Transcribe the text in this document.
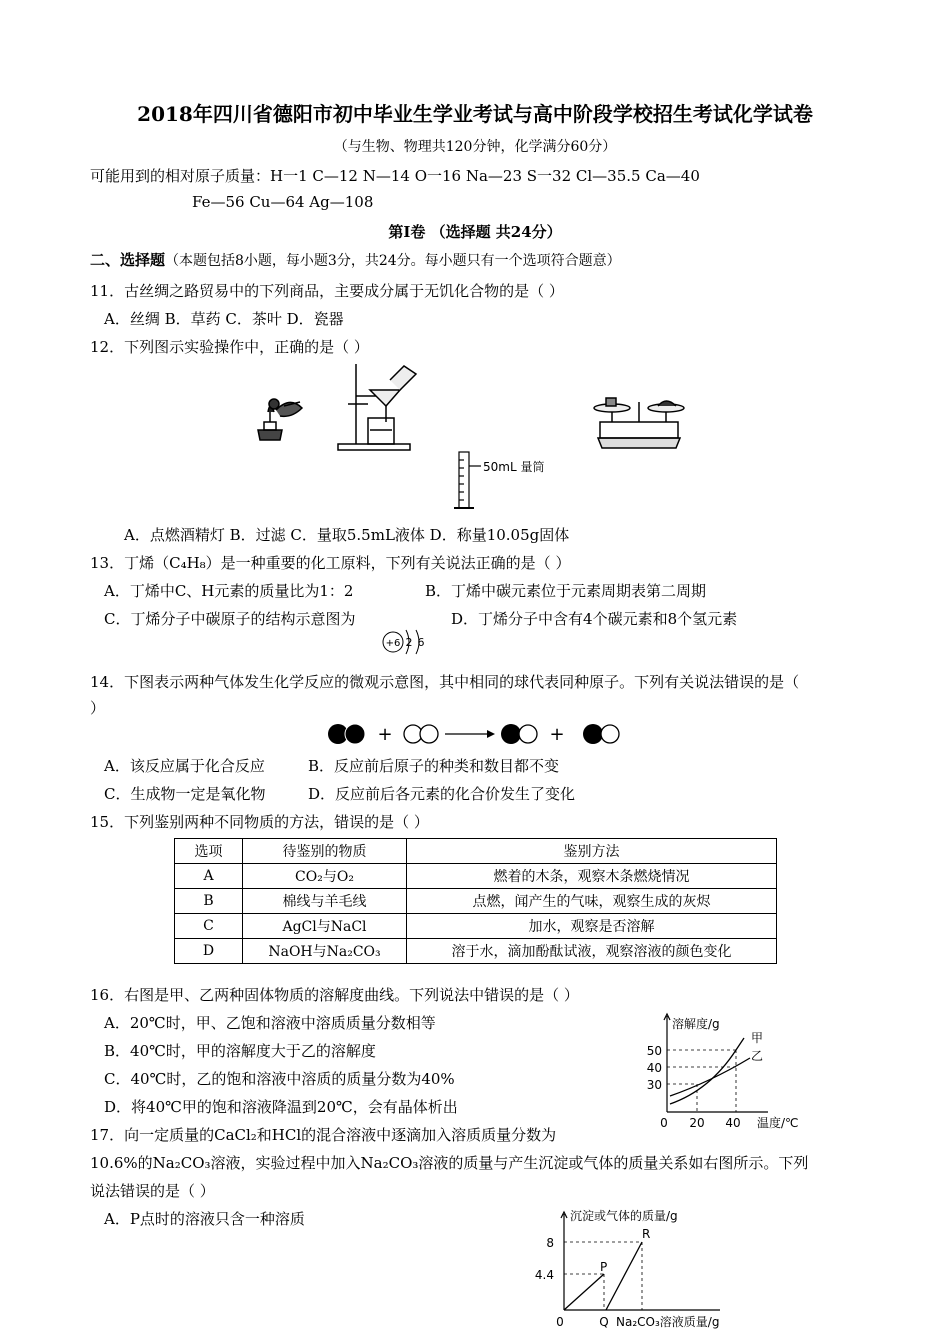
2018年四川省德阳市初中毕业生学业考试与高中阶段学校招生考试化学试卷
（与生物、物理共120分钟，化学满分60分）
可能用到的相对原子质量：H一1 C—12 N—14 O一16 Na—23 S一32 Cl—35.5 Ca—40
Fe—56 Cu—64 Ag—108
第Ⅰ卷 （选择题 共24分）
二、选择题（本题包括8小题，每小题3分，共24分。每小题只有一个选项符合题意）
11．古丝绸之路贸易中的下列商品，主要成分属于无饥化合物的是（ ）
A．丝绸 B．草药 C．茶叶 D．瓷器
12．下列图示实验操作中，正确的是（ ）
50mL 量筒
A．点燃酒精灯 B．过滤 C．量取5.5mL液体 D．称量10.05g固体
13．丁烯（C₄H₈）是一种重要的化工原料，下列有关说法正确的是（ ）
A．丁烯中C、H元素的质量比为1：2	B．丁烯中碳元素位于元素周期表第二周期
C．丁烯分子中碳原子的结构示意图为	D．丁烯分子中含有4个碳元素和8个氢元素
+6 2 6
14．下图表示两种气体发生化学反应的微观示意图，其中相同的球代表同种原子。下列有关说法错误的是（
）
+	+
A．该反应属于化合反应	B．反应前后原子的种类和数目都不变
C．生成物一定是氧化物	D．反应前后各元素的化合价发生了变化
15．下列鉴别两种不同物质的方法，错误的是（ ）
选项	待鉴别的物质	鉴别方法
A	CO₂与O₂	燃着的木条，观察木条燃烧情况
B	棉线与羊毛线	点燃，闻产生的气味，观察生成的灰烬
C	AgCl与NaCl	加水，观察是否溶解
D	NaOH与Na₂CO₃	溶于水，滴加酚酞试液，观察溶液的颜色变化
16．右图是甲、乙两种固体物质的溶解度曲线。下列说法中错误的是（ ）
A．20℃时，甲、乙饱和溶液中溶质质量分数相等
B．40℃时，甲的溶解度大于乙的溶解度
C．40℃时，乙的饱和溶液中溶质的质量分数为40%
D．将40℃甲的饱和溶液降温到20℃，会有晶体析出
溶解度/g
甲
乙
50
40
30
0 20 40 温度/℃
17．向一定质量的CaCl₂和HCl的混合溶液中逐滴加入溶质质量分数为
10.6%的Na₂CO₃溶液，实验过程中加入Na₂CO₃溶液的质量与产生沉淀或气体的质量关系如右图所示。下列
说法错误的是（ ）
A．P点时的溶液只含一种溶质	沉淀或气体的质量/g
8
4.4
P
R
0	Q Na₂CO₃溶液质量/g
